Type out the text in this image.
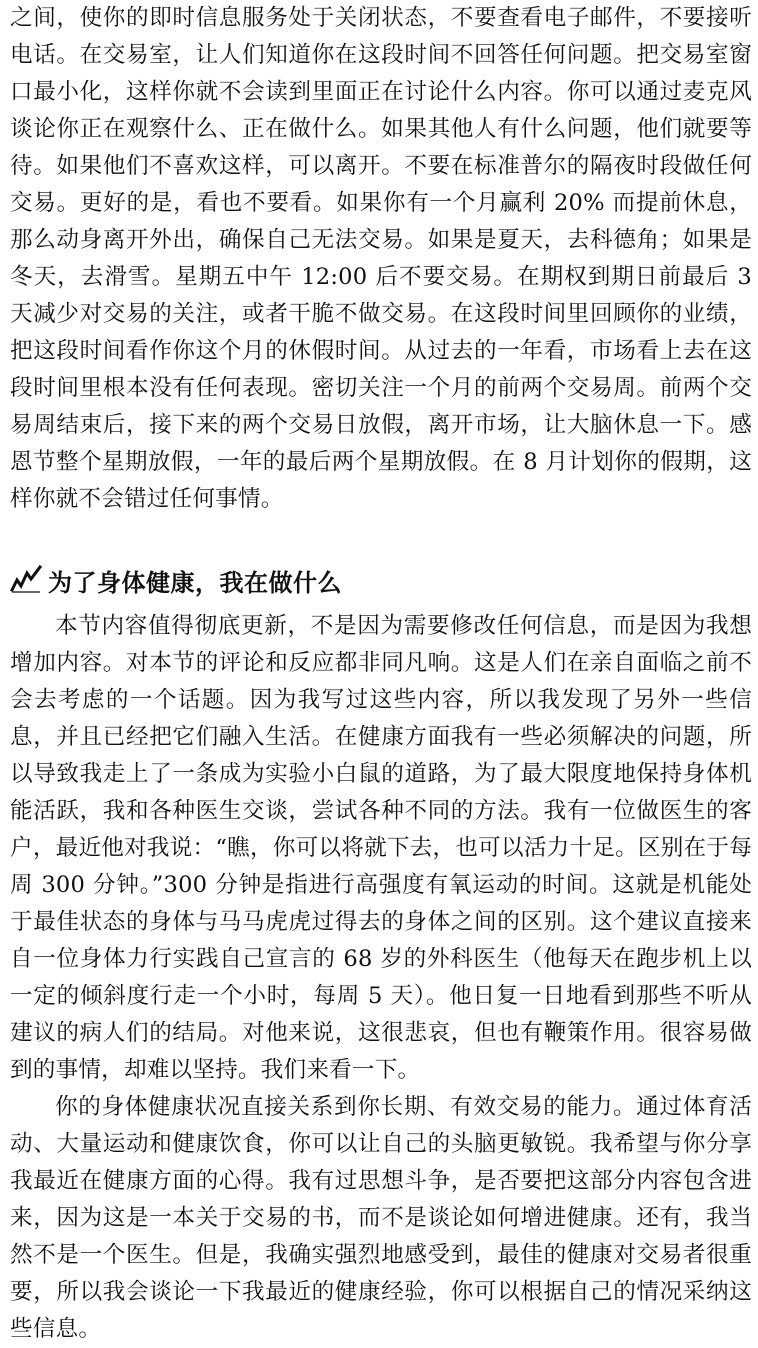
之间，使你的即时信息服务处于关闭状态，不要查看电子邮件，不要接听电话。在交易室，让人们知道你在这段时间不回答任何问题。把交易室窗口最小化，这样你就不会读到里面正在讨论什么内容。你可以通过麦克风谈论你正在观察什么、正在做什么。如果其他人有什么问题，他们就要等待。如果他们不喜欢这样，可以离开。不要在标准普尔的隔夜时段做任何交易。更好的是，看也不要看。如果你有一个月赢利 20% 而提前休息，那么动身离开外出，确保自己无法交易。如果是夏天，去科德角；如果是冬天，去滑雪。星期五中午 12:00 后不要交易。在期权到期日前最后 3 天减少对交易的关注，或者干脆不做交易。在这段时间里回顾你的业绩，把这段时间看作你这个月的休假时间。从过去的一年看，市场看上去在这段时间里根本没有任何表现。密切关注一个月的前两个交易周。前两个交易周结束后，接下来的两个交易日放假，离开市场，让大脑休息一下。感恩节整个星期放假，一年的最后两个星期放假。在 8 月计划你的假期，这样你就不会错过任何事情。

为了身体健康，我在做什么

本节内容值得彻底更新，不是因为需要修改任何信息，而是因为我想增加内容。对本节的评论和反应都非同凡响。这是人们在亲自面临之前不会去考虑的一个话题。因为我写过这些内容，所以我发现了另外一些信息，并且已经把它们融入生活。在健康方面我有一些必须解决的问题，所以导致我走上了一条成为实验小白鼠的道路，为了最大限度地保持身体机能活跃，我和各种医生交谈，尝试各种不同的方法。我有一位做医生的客户，最近他对我说：“瞧，你可以将就下去，也可以活力十足。区别在于每周 300 分钟。”300 分钟是指进行高强度有氧运动的时间。这就是机能处于最佳状态的身体与马马虎虎过得去的身体之间的区别。这个建议直接来自一位身体力行实践自己宣言的 68 岁的外科医生（他每天在跑步机上以一定的倾斜度行走一个小时，每周 5 天）。他日复一日地看到那些不听从建议的病人们的结局。对他来说，这很悲哀，但也有鞭策作用。很容易做到的事情，却难以坚持。我们来看一下。

你的身体健康状况直接关系到你长期、有效交易的能力。通过体育活动、大量运动和健康饮食，你可以让自己的头脑更敏锐。我希望与你分享我最近在健康方面的心得。我有过思想斗争，是否要把这部分内容包含进来，因为这是一本关于交易的书，而不是谈论如何增进健康。还有，我当然不是一个医生。但是，我确实强烈地感受到，最佳的健康对交易者很重要，所以我会谈论一下我最近的健康经验，你可以根据自己的情况采纳这些信息。
